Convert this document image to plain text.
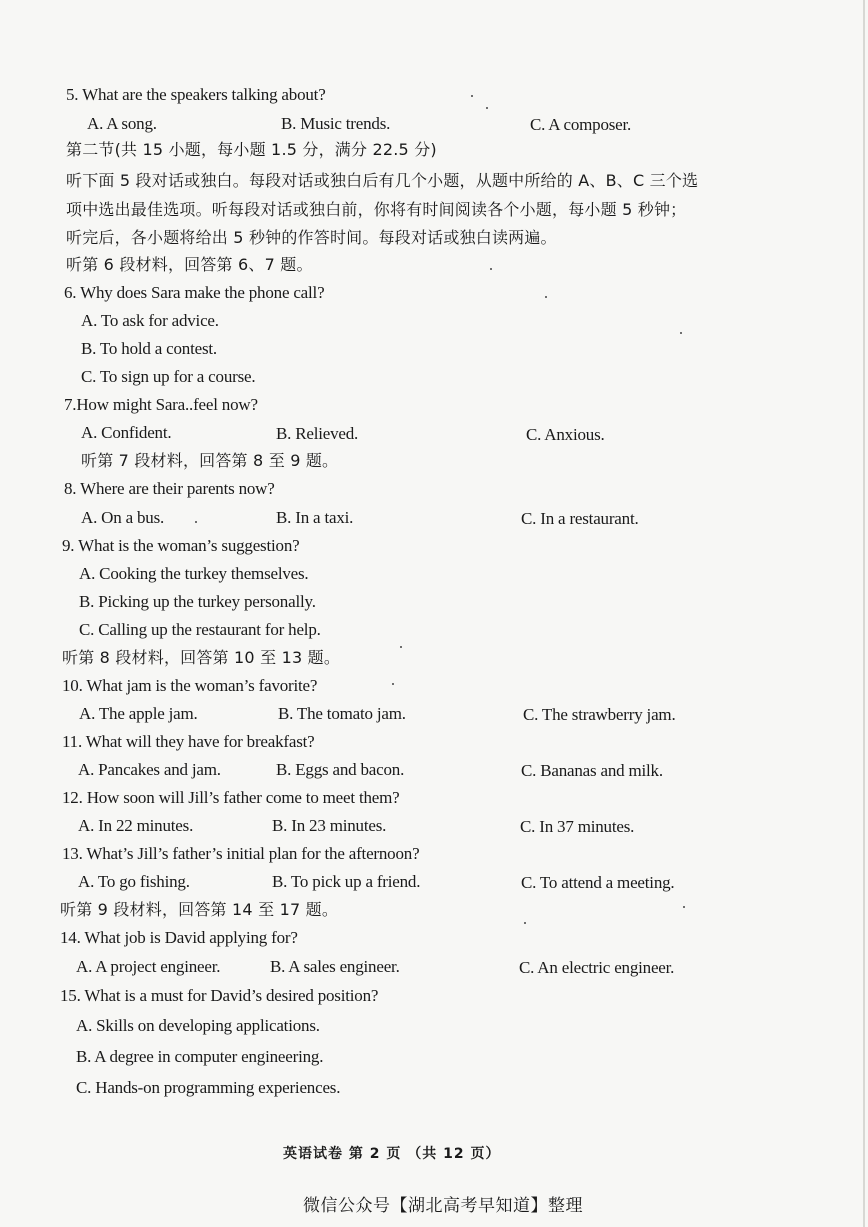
5. What are the speakers talking about?
A. A song.	B. Music trends.	C. A composer.
第二节(共 15 小题，每小题 1.5 分，满分 22.5 分)
听下面 5 段对话或独白。每段对话或独白后有几个小题，从题中所给的 A、B、C 三个选
项中选出最佳选项。听每段对话或独白前，你将有时间阅读各个小题，每小题 5 秒钟；
听完后，各小题将给出 5 秒钟的作答时间。每段对话或独白读两遍。
听第 6 段材料，回答第 6、7 题。
6. Why does Sara make the phone call?
A. To ask for advice.
B. To hold a contest.
C. To sign up for a course.
7.How might Sara..feel now?
A. Confident.	B. Relieved.	C. Anxious.
听第 7 段材料，回答第 8 至 9 题。
8. Where are their parents now?
A. On a bus.	B. In a taxi.	C. In a restaurant.
9. What is the woman’s suggestion?
A. Cooking the turkey themselves.
B. Picking up the turkey personally.
C. Calling up the restaurant for help.
听第 8 段材料，回答第 10 至 13 题。
10. What jam is the woman’s favorite?
A. The apple jam.	B. The tomato jam.	C. The strawberry jam.
11. What will they have for breakfast?
A. Pancakes and jam.	B. Eggs and bacon.	C. Bananas and milk.
12. How soon will Jill’s father come to meet them?
A. In 22 minutes.	B. In 23 minutes.	C. In 37 minutes.
13. What’s Jill’s father’s initial plan for the afternoon?
A. To go fishing.	B. To pick up a friend.	C. To attend a meeting.
听第 9 段材料，回答第 14 至 17 题。
14. What job is David applying for?
A. A project engineer.	B. A sales engineer.	C. An electric engineer.
15. What is a must for David’s desired position?
A. Skills on developing applications.
B. A degree in computer engineering.
C. Hands-on programming experiences.
英语试卷 第 2 页 （共 12 页）
微信公众号【湖北高考早知道】整理
